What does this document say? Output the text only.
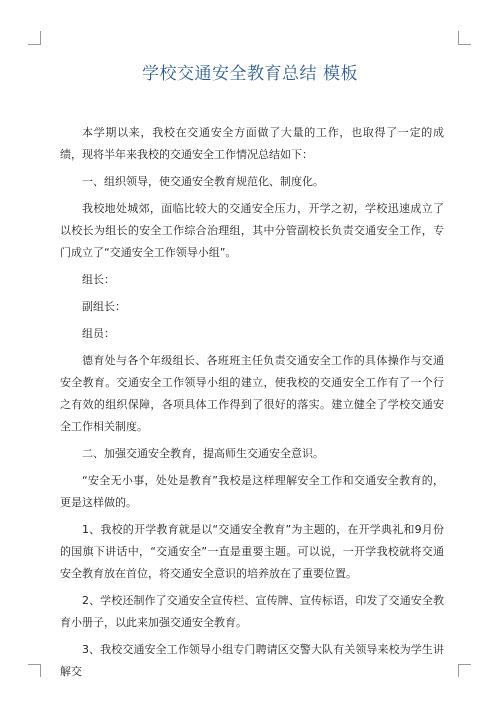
学校交通安全教育总结 模板

本学期以来，我校在交通安全方面做了大量的工作，也取得了一定的成绩，现将半年来我校的交通安全工作情况总结如下：

一、组织领导，使交通安全教育规范化、制度化。

我校地处城郊，面临比较大的交通安全压力，开学之初，学校迅速成立了以校长为组长的安全工作综合治理组，其中分管副校长负责交通安全工作，专门成立了“交通安全工作领导小组”。

组长：

副组长：

组员：

德育处与各个年级组长、各班班主任负责交通安全工作的具体操作与交通安全教育。交通安全工作领导小组的建立，使我校的交通安全工作有了一个行之有效的组织保障，各项具体工作得到了很好的落实。建立健全了学校交通安全工作相关制度。

二、加强交通安全教育，提高师生交通安全意识。

“安全无小事，处处是教育”我校是这样理解安全工作和交通安全教育的，更是这样做的。

1、我校的开学教育就是以“交通安全教育”为主题的，在开学典礼和9月份的国旗下讲话中，“交通安全”一直是重要主题。可以说，一开学我校就将交通安全教育放在首位，将交通安全意识的培养放在了重要位置。

2、学校还制作了交通安全宣传栏、宣传牌、宣传标语，印发了交通安全教育小册子，以此来加强交通安全教育。

3、我校交通安全工作领导小组专门聘请区交警大队有关领导来校为学生讲解交
